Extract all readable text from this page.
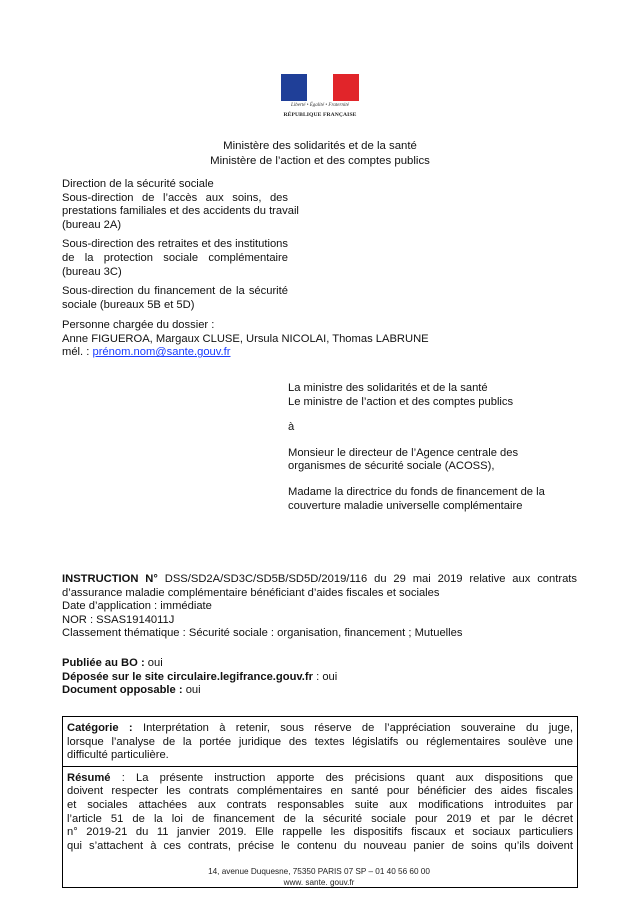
Liberté • Égalité • Fraternité
RÉPUBLIQUE FRANÇAISE
Ministère des solidarités et de la santé
Ministère de l’action et des comptes publics
Direction de la sécurité sociale
Sous-direction de l’accès aux soins, des
prestations familiales et des accidents du travail
(bureau 2A)
Sous-direction des retraites et des institutions
de la protection sociale complémentaire
(bureau 3C)
Sous-direction du financement de la sécurité
sociale (bureaux 5B et 5D)
Personne chargée du dossier :
Anne FIGUEROA, Margaux CLUSE, Ursula NICOLAI, Thomas LABRUNE
mél. : prénom.nom@sante.gouv.fr
La ministre des solidarités et de la santé
Le ministre de l’action et des comptes publics
à
Monsieur le directeur de l’Agence centrale des
organismes de sécurité sociale (ACOSS),
Madame la directrice du fonds de financement de la
couverture maladie universelle complémentaire
INSTRUCTION N° DSS/SD2A/SD3C/SD5B/SD5D/2019/116 du 29 mai 2019 relative aux contrats
d’assurance maladie complémentaire bénéficiant d’aides fiscales et sociales
Date d’application : immédiate
NOR : SSAS1914011J
Classement thématique : Sécurité sociale : organisation, financement ; Mutuelles
Publiée au BO : oui
Déposée sur le site circulaire.legifrance.gouv.fr : oui
Document opposable : oui
Catégorie : Interprétation à retenir, sous réserve de l’appréciation souveraine du juge,
lorsque l’analyse de la portée juridique des textes législatifs ou réglementaires soulève une
difficulté particulière.
Résumé : La présente instruction apporte des précisions quant aux dispositions que
doivent respecter les contrats complémentaires en santé pour bénéficier des aides fiscales
et sociales attachées aux contrats responsables suite aux modifications introduites par
l’article 51 de la loi de financement de la sécurité sociale pour 2019 et par le décret
n° 2019-21 du 11 janvier 2019. Elle rappelle les dispositifs fiscaux et sociaux particuliers
qui s’attachent à ces contrats, précise le contenu du nouveau panier de soins qu’ils doivent
14, avenue Duquesne, 75350 PARIS 07 SP – 01 40 56 60 00
www. sante. gouv.fr
